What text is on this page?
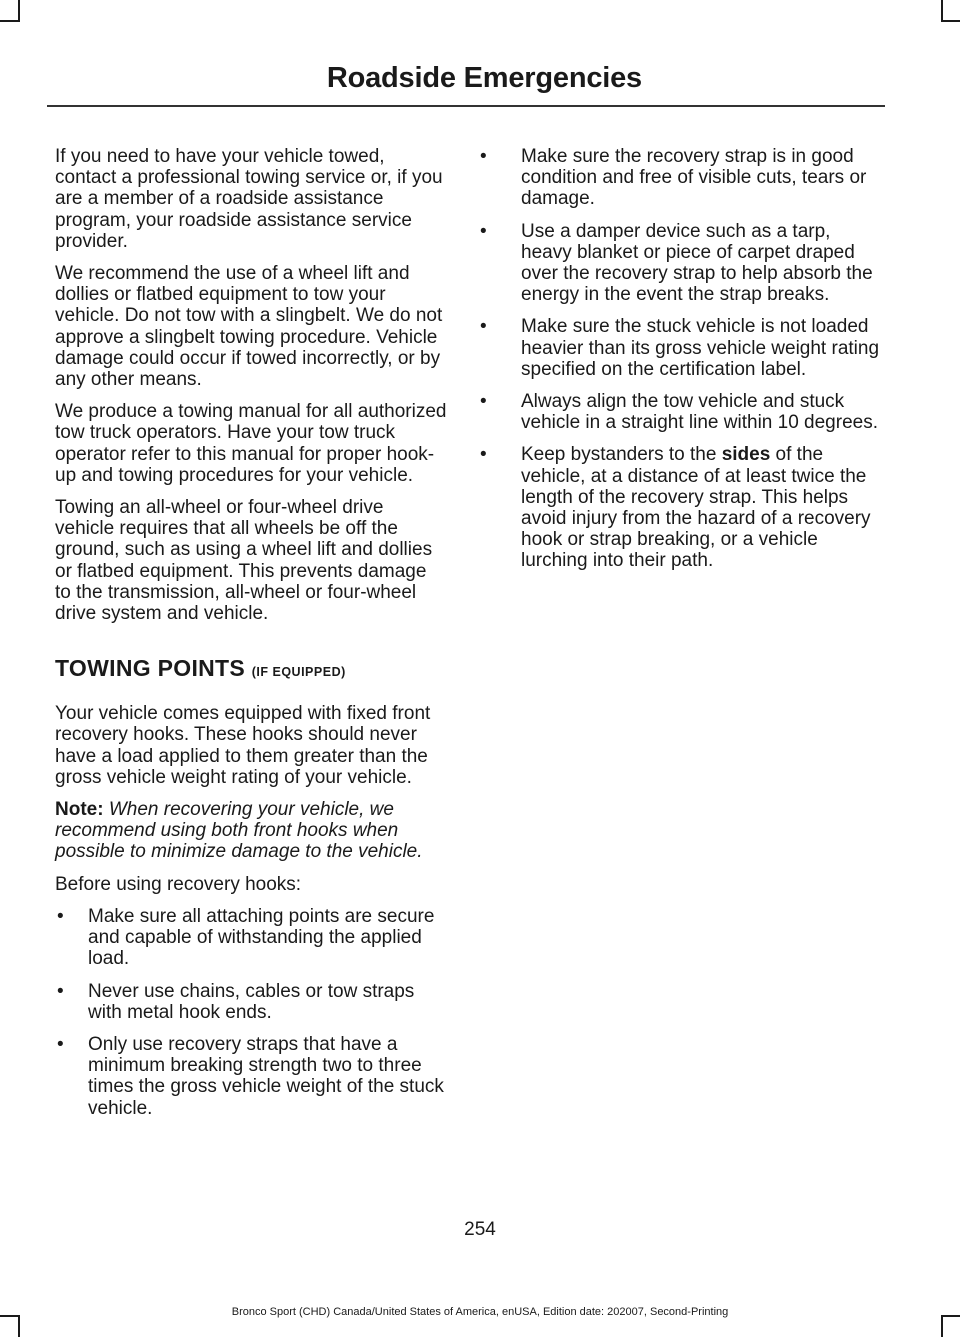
Roadside Emergencies

If you need to have your vehicle towed, contact a professional towing service or, if you are a member of a roadside assistance program, your roadside assistance service provider.

We recommend the use of a wheel lift and dollies or flatbed equipment to tow your vehicle. Do not tow with a slingbelt. We do not approve a slingbelt towing procedure. Vehicle damage could occur if towed incorrectly, or by any other means.

We produce a towing manual for all authorized tow truck operators. Have your tow truck operator refer to this manual for proper hook-up and towing procedures for your vehicle.

Towing an all-wheel or four-wheel drive vehicle requires that all wheels be off the ground, such as using a wheel lift and dollies or flatbed equipment. This prevents damage to the transmission, all-wheel or four-wheel drive system and vehicle.

TOWING POINTS (IF EQUIPPED)

Your vehicle comes equipped with fixed front recovery hooks. These hooks should never have a load applied to them greater than the gross vehicle weight rating of your vehicle.

Note: When recovering your vehicle, we recommend using both front hooks when possible to minimize damage to the vehicle.

Before using recovery hooks:

• Make sure all attaching points are secure and capable of withstanding the applied load.
• Never use chains, cables or tow straps with metal hook ends.
• Only use recovery straps that have a minimum breaking strength two to three times the gross vehicle weight of the stuck vehicle.
• Make sure the recovery strap is in good condition and free of visible cuts, tears or damage.
• Use a damper device such as a tarp, heavy blanket or piece of carpet draped over the recovery strap to help absorb the energy in the event the strap breaks.
• Make sure the stuck vehicle is not loaded heavier than its gross vehicle weight rating specified on the certification label.
• Always align the tow vehicle and stuck vehicle in a straight line within 10 degrees.
• Keep bystanders to the sides of the vehicle, at a distance of at least twice the length of the recovery strap. This helps avoid injury from the hazard of a recovery hook or strap breaking, or a vehicle lurching into their path.
254
Bronco Sport (CHD) Canada/United States of America, enUSA, Edition date: 202007, Second-Printing
